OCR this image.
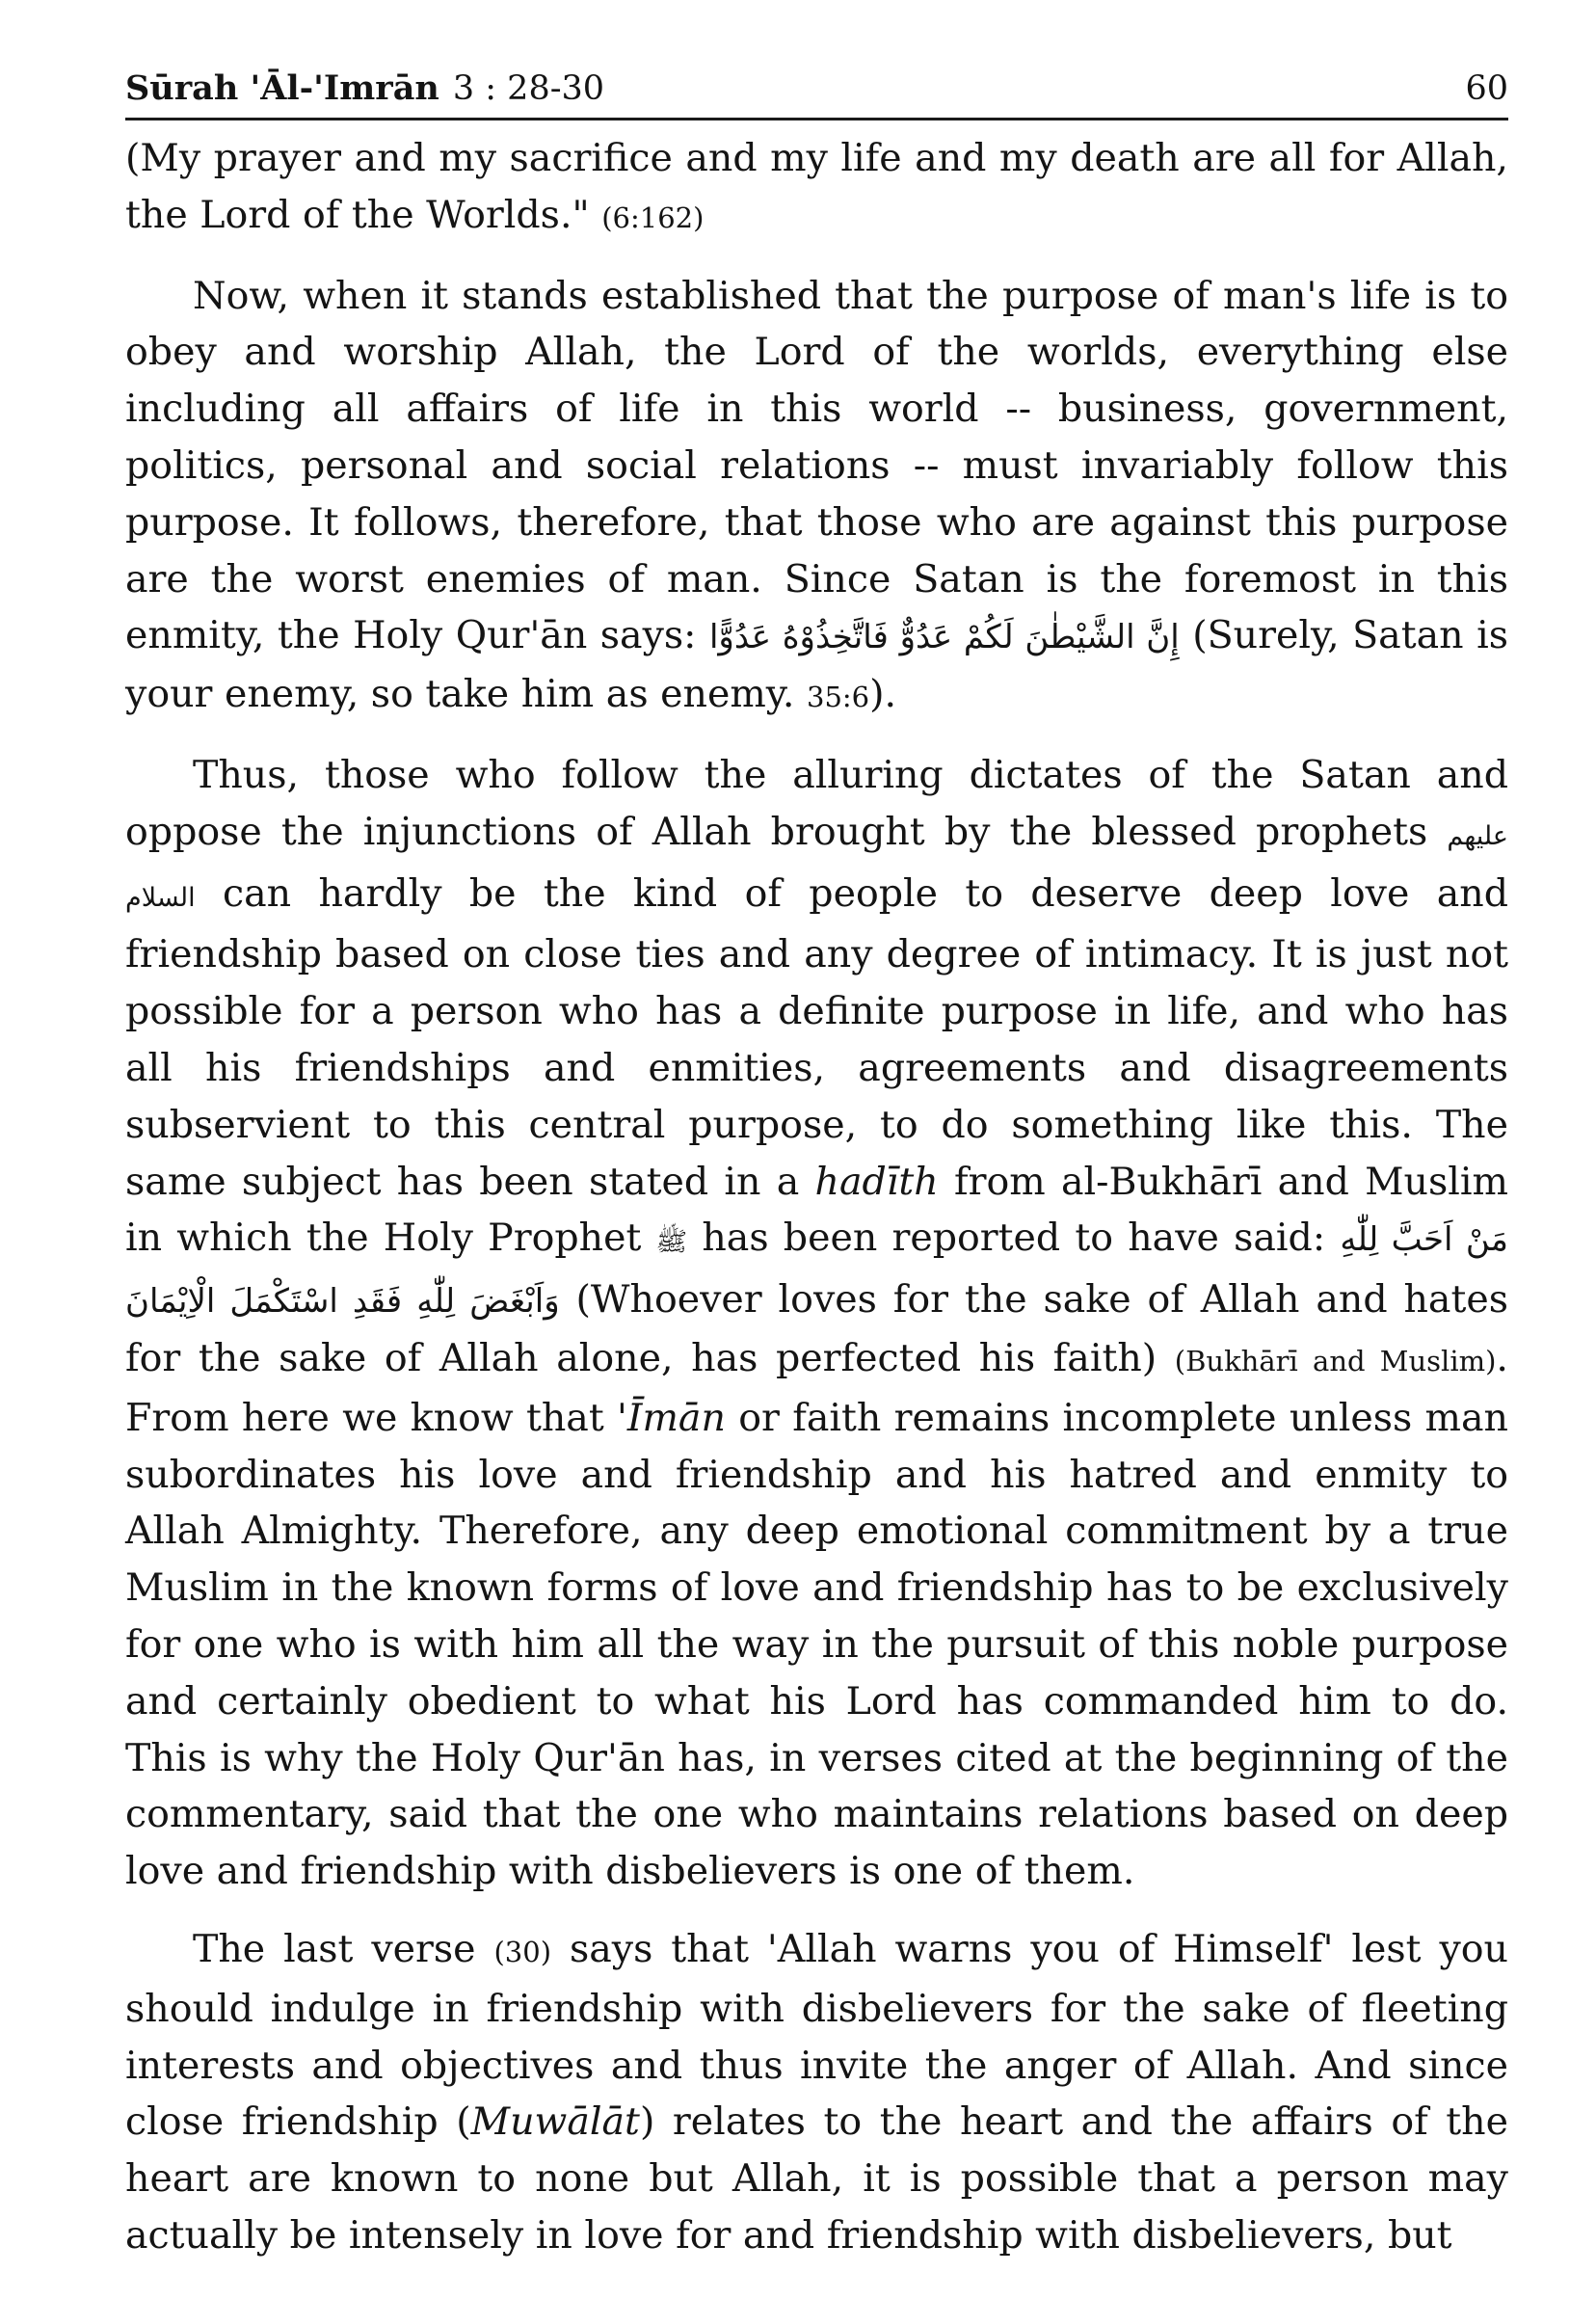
Sūrah 'Āl-'Imrān 3 : 28-30	60

(My prayer and my sacrifice and my life and my death are all for Allah, the Lord of the Worlds." (6:162)

Now, when it stands established that the purpose of man's life is to obey and worship Allah, the Lord of the worlds, everything else including all affairs of life in this world -- business, government, politics, personal and social relations -- must invariably follow this purpose. It follows, therefore, that those who are against this purpose are the worst enemies of man. Since Satan is the foremost in this enmity, the Holy Qur'ān says: إِنَّ الشَّيْطٰنَ لَكُمْ عَدُوٌّ فَاتَّخِذُوْهُ عَدُوًّا (Surely, Satan is your enemy, so take him as enemy. 35:6).

Thus, those who follow the alluring dictates of the Satan and oppose the injunctions of Allah brought by the blessed prophets عليهم السلام can hardly be the kind of people to deserve deep love and friendship based on close ties and any degree of intimacy. It is just not possible for a person who has a definite purpose in life, and who has all his friendships and enmities, agreements and disagreements subservient to this central purpose, to do something like this. The same subject has been stated in a hadīth from al-Bukhārī and Muslim in which the Holy Prophet ﷺ has been reported to have said: مَنْ اَحَبَّ لِلّٰهِ وَاَبْغَضَ لِلّٰهِ فَقَدِ اسْتَكْمَلَ الْاِيْمَانَ (Whoever loves for the sake of Allah and hates for the sake of Allah alone, has perfected his faith) (Bukhārī and Muslim). From here we know that 'Īmān or faith remains incomplete unless man subordinates his love and friendship and his hatred and enmity to Allah Almighty. Therefore, any deep emotional commitment by a true Muslim in the known forms of love and friendship has to be exclusively for one who is with him all the way in the pursuit of this noble purpose and certainly obedient to what his Lord has commanded him to do. This is why the Holy Qur'ān has, in verses cited at the beginning of the commentary, said that the one who maintains relations based on deep love and friendship with disbelievers is one of them.

The last verse (30) says that 'Allah warns you of Himself' lest you should indulge in friendship with disbelievers for the sake of fleeting interests and objectives and thus invite the anger of Allah. And since close friendship (Muwālāt) relates to the heart and the affairs of the heart are known to none but Allah, it is possible that a person may actually be intensely in love for and friendship with disbelievers, but
